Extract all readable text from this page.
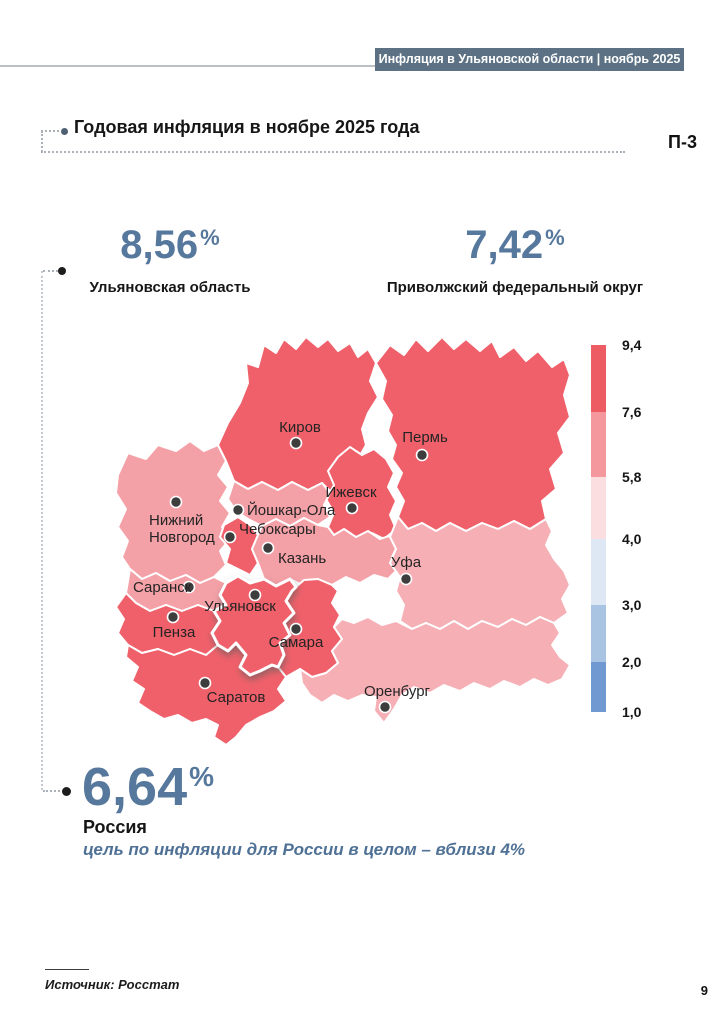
Инфляция в Ульяновской области | ноябрь 2025 года
Годовая инфляция в ноябре 2025 года
П-3
8,56%
Ульяновская область
7,42%
Приволжский федеральный округ
Киров
Пермь
Ижевск
Йошкар-Ола
Нижний Новгород Чебоксары
Казань	Уфа
Саранск
Ульяновск
Пенза
Самара
Саратов	Оренбург
9,4
7,6
5,8
4,0
3,0
2,0
1,0
6,64%
Россия
цель по инфляции для России в целом – вблизи 4%
Источник: Росстат	9
